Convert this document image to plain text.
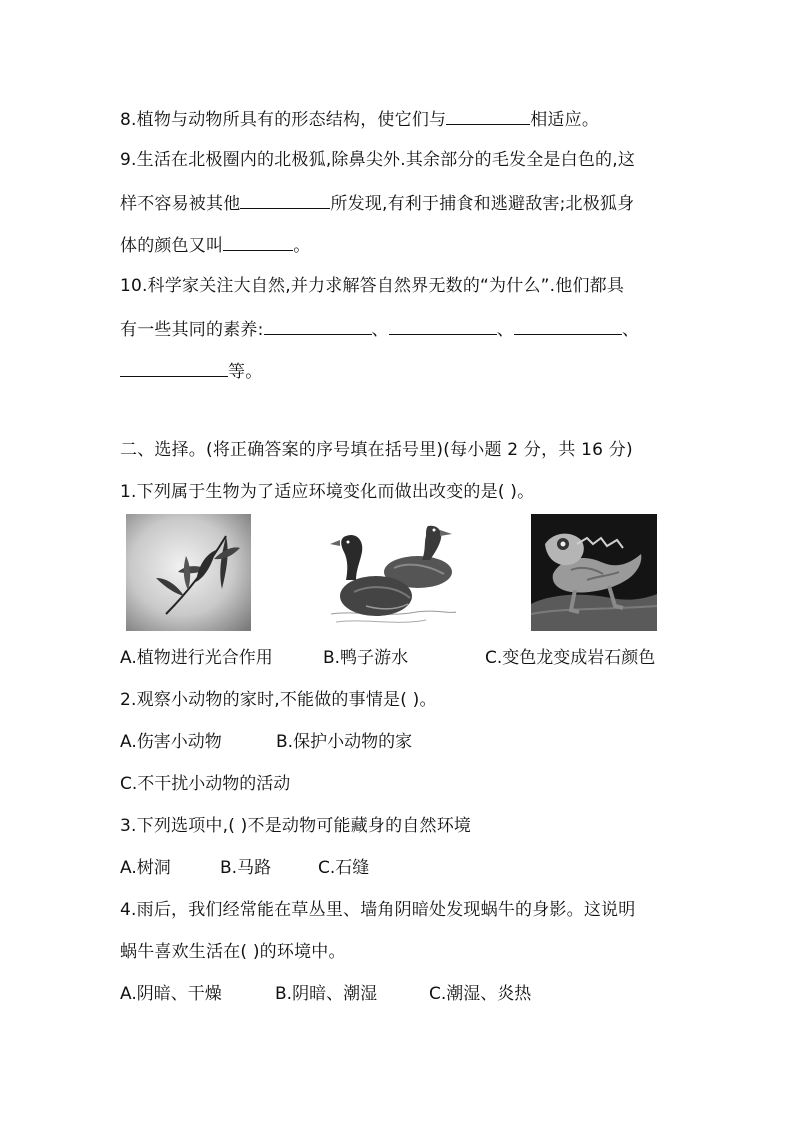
8.植物与动物所具有的形态结构，使它们与	相适应。
9.生活在北极圈内的北极狐,除鼻尖外.其余部分的毛发全是白色的,这
样不容易被其他	所发现,有利于捕食和逃避敌害;北极狐身
体的颜色又叫	。
10.科学家关注大自然,并力求解答自然界无数的“为什么”.他们都具
有一些其同的素养:	、	、	、
等。
二、选择。(将正确答案的序号填在括号里)(每小题 2 分，共 16 分)
1.下列属于生物为了适应环境变化而做出改变的是( )。
A.植物进行光合作用	B.鸭子游水	C.变色龙变成岩石颜色
2.观察小动物的家时,不能做的事情是( )。
A.伤害小动物	B.保护小动物的家
C.不干扰小动物的活动
3.下列选项中,( )不是动物可能藏身的自然环境
A.树洞	B.马路	C.石缝
4.雨后，我们经常能在草丛里、墙角阴暗处发现蜗牛的身影。这说明
蜗牛喜欢生活在( )的环境中。
A.阴暗、干燥	B.阴暗、潮湿	C.潮湿、炎热
